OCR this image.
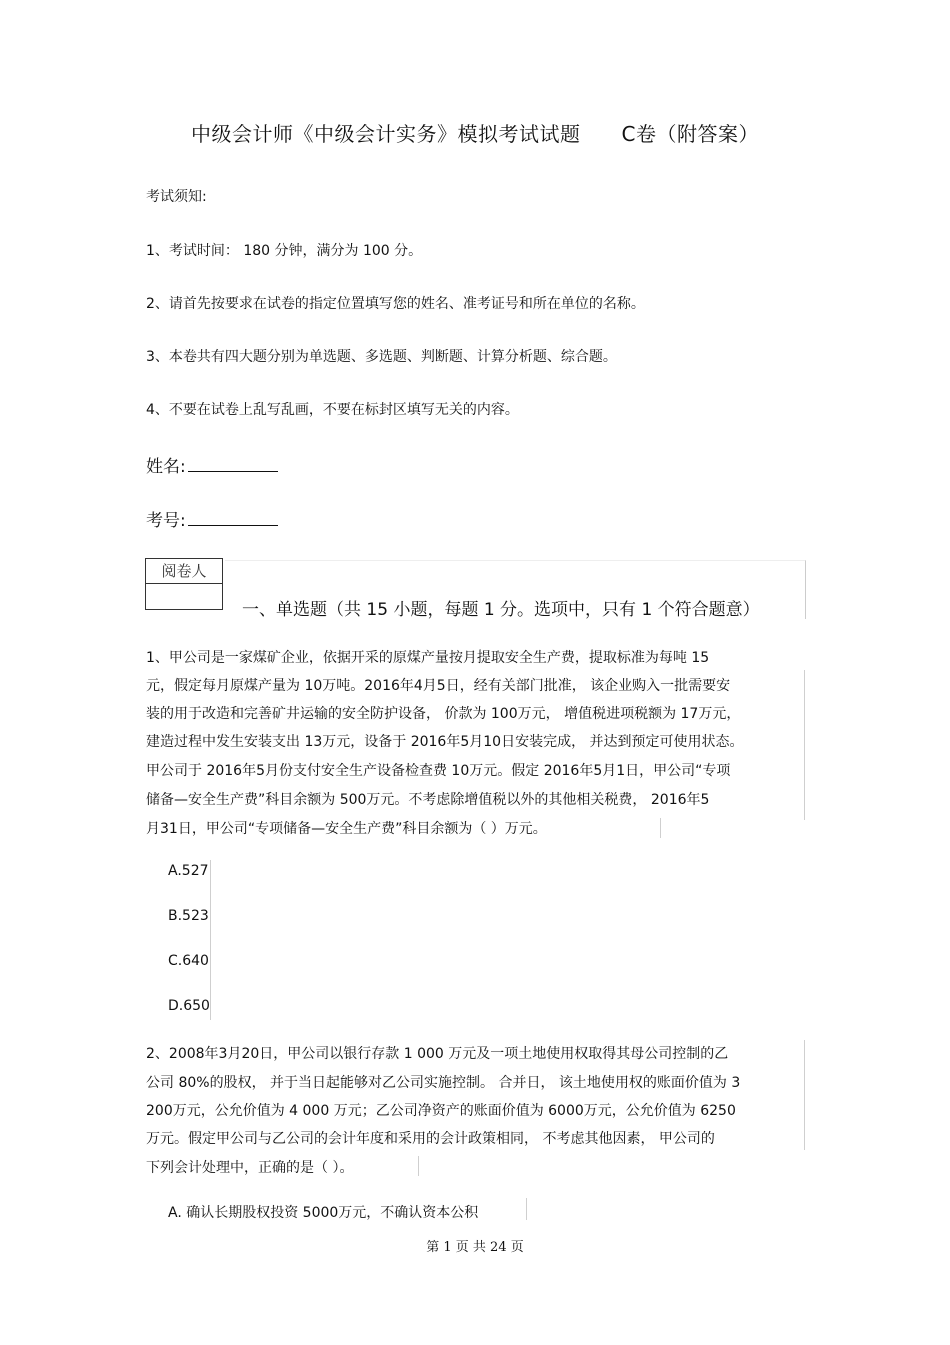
中级会计师《中级会计实务》模拟考试试题　　C卷（附答案）
考试须知:
1、考试时间： 180 分钟，满分为 100 分。
2、请首先按要求在试卷的指定位置填写您的姓名、准考证号和所在单位的名称。
3、本卷共有四大题分别为单选题、多选题、判断题、计算分析题、综合题。
4、不要在试卷上乱写乱画，不要在标封区填写无关的内容。
姓名:
考号:
阅卷人
一、单选题（共 15 小题，每题 1 分。选项中，只有 1 个符合题意）
1、甲公司是一家煤矿企业，依据开采的原煤产量按月提取安全生产费，提取标准为每吨 15
元，假定每月原煤产量为 10万吨。2016年4月5日，经有关部门批准， 该企业购入一批需要安
装的用于改造和完善矿井运输的安全防护设备， 价款为 100万元， 增值税进项税额为 17万元，
建造过程中发生安装支出 13万元，设备于 2016年5月10日安装完成， 并达到预定可使用状态。
甲公司于 2016年5月份支付安全生产设备检查费 10万元。假定 2016年5月1日，甲公司“专项
储备—安全生产费”科目余额为 500万元。不考虑除增值税以外的其他相关税费， 2016年5
月31日，甲公司“专项储备—安全生产费”科目余额为（ ）万元。
A.527
B.523
C.640
D.650
2、2008年3月20日，甲公司以银行存款 1 000 万元及一项土地使用权取得其母公司控制的乙
公司 80%的股权， 并于当日起能够对乙公司实施控制。 合并日， 该土地使用权的账面价值为 3
200万元，公允价值为 4 000 万元；乙公司净资产的账面价值为 6000万元，公允价值为 6250
万元。假定甲公司与乙公司的会计年度和采用的会计政策相同， 不考虑其他因素， 甲公司的
下列会计处理中，正确的是（ ）。
A. 确认长期股权投资 5000万元，不确认资本公积
第 1 页 共 24 页
